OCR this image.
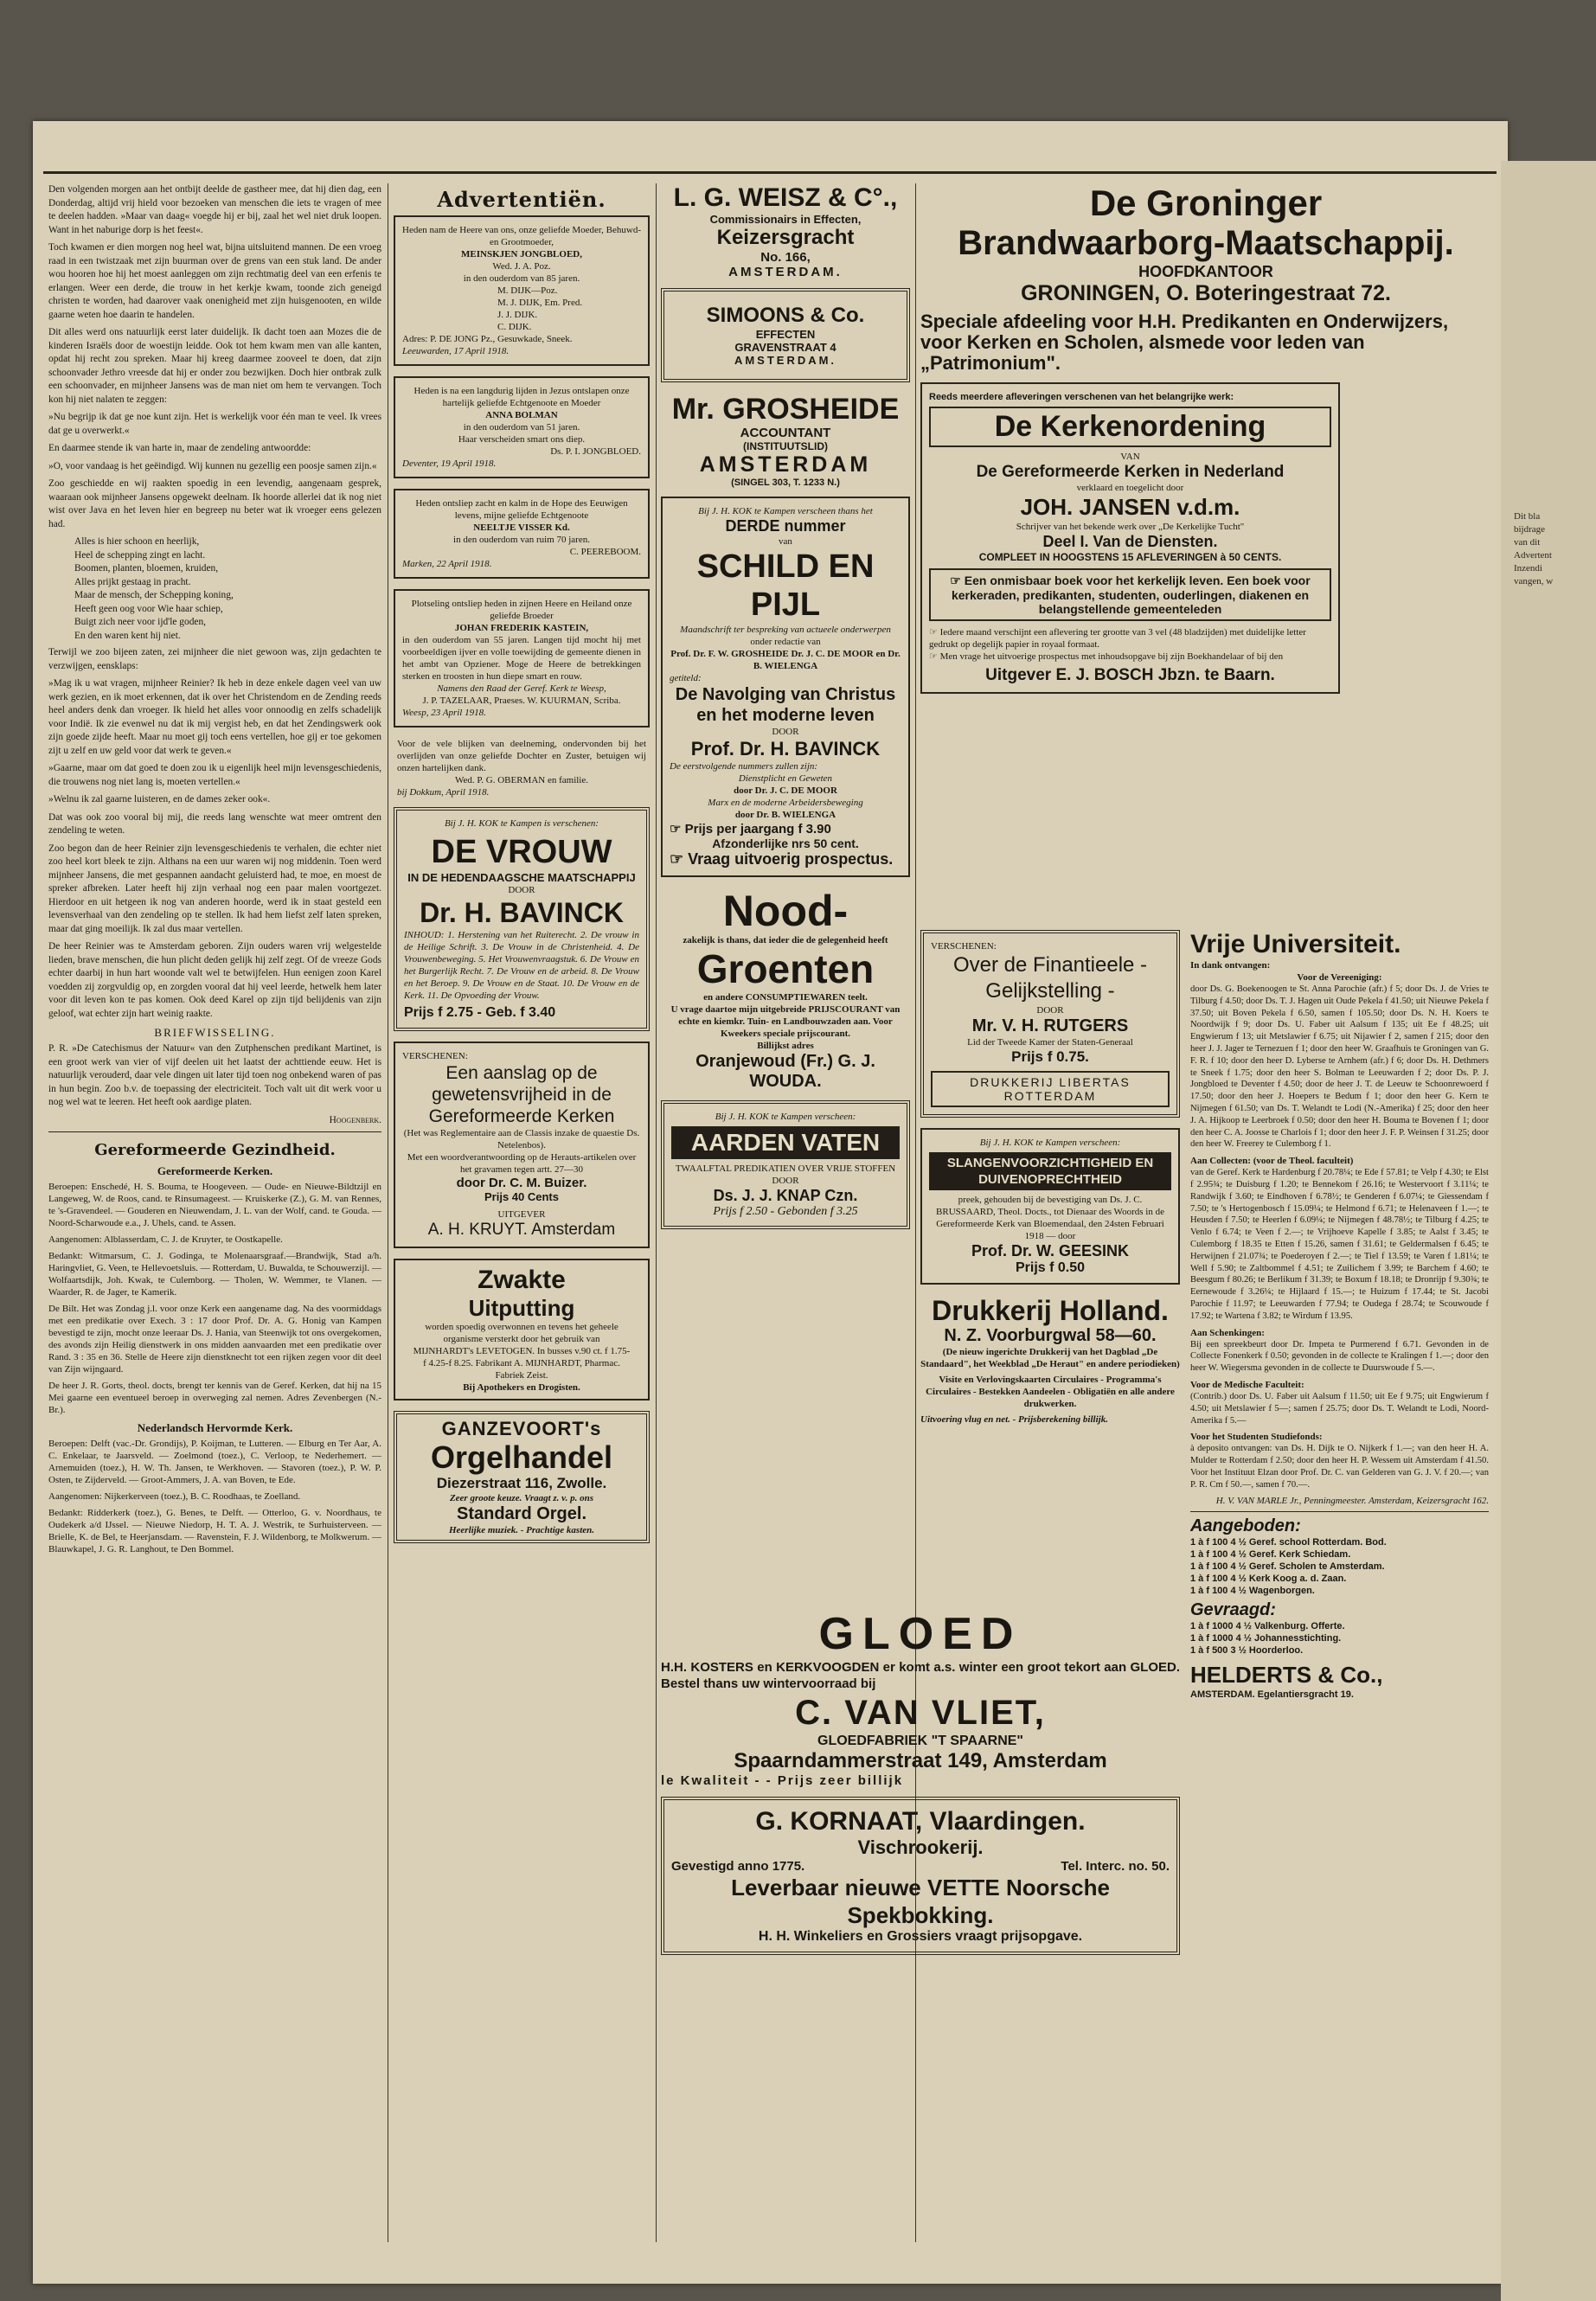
Den volgenden morgen aan het ontbijt deelde de gastheer mee, dat hij dien dag, een Donderdag, altijd vrij hield voor bezoeken van menschen die iets te vragen of mee te deelen hadden. »Maar van daag« voegde hij er bij, zaal het wel niet druk loopen. Want in het naburige dorp is het feest«.

Toch kwamen er dien morgen nog heel wat, bijna uitsluitend mannen. De een vroeg raad in een twistzaak met zijn buurman over de grens van een stuk land. De ander wou hooren hoe hij het moest aanleggen om zijn rechtmatig deel van een erfenis te erlangen. Weer een derde, die trouw in het kerkje kwam, toonde zich geneigd christen te worden, had daarover vaak onenigheid met zijn huisgenooten, en wilde gaarne weten hoe daarin te handelen.

Dit alles werd ons natuurlijk eerst later duidelijk. Ik dacht toen aan Mozes die de kinderen Israëls door de woestijn leidde. Ook tot hem kwam men van alle kanten, opdat hij recht zou spreken. Maar hij kreeg daarmee zooveel te doen, dat zijn schoonvader Jethro vreesde dat hij er onder zou bezwijken. Doch hier ontbrak zulk een schoonvader, en mijnheer Jansens was de man niet om hem te vervangen. Toch kon hij niet nalaten te zeggen:

»Nu begrijp ik dat ge noe kunt zijn. Het is werkelijk voor één man te veel. Ik vrees dat ge u overwerkt.«

En daarmee stende ik van harte in, maar de zendeling antwoordde:

»O, voor vandaag is het geëindigd. Wij kunnen nu gezellig een poosje samen zijn.«

Zoo geschiedde en wij raakten spoedig in een levendig, aangenaam gesprek, waaraan ook mijnheer Jansens opgewekt deelnam. Ik hoorde allerlei dat ik nog niet wist over Java en het leven hier en begreep nu beter wat ik vroeger eens gelezen had.

Alles is hier schoon en heerlijk,
Heel de schepping zingt en lacht.
Boomen, planten, bloemen, kruiden,
Alles prijkt gestaag in pracht.
Maar de mensch, der Schepping koning,
Heeft geen oog voor Wie haar schiep,
Buigt zich neer voor ijd'le goden,
En den waren kent hij niet.

Terwijl we zoo bijeen zaten, zei mijnheer die niet gewoon was, zijn gedachten te verzwijgen, eensklaps:

»Mag ik u wat vragen, mijnheer Reinier? Ik heb in deze enkele dagen veel van uw werk gezien, en ik moet erkennen, dat ik over het Christendom en de Zending reeds heel anders denk dan vroeger. Ik hield het alles voor onnoodig en zelfs schadelijk voor Indië. Ik zie evenwel nu dat ik mij vergist heb, en dat het Zendingswerk ook zijn goede zijde heeft. Maar nu moet gij toch eens vertellen, hoe gij er toe gekomen zijt u zelf en uw geld voor dat werk te geven.«

»Gaarne, maar om dat goed te doen zou ik u eigenlijk heel mijn levensgeschiedenis, die trouwens nog niet lang is, moeten vertellen.«

»Welnu ik zal gaarne luisteren, en de dames zeker ook«.

Dat was ook zoo vooral bij mij, die reeds lang wenschte wat meer omtrent den zendeling te weten.

Zoo begon dan de heer Reinier zijn levensgeschiedenis te verhalen, die echter niet zoo heel kort bleek te zijn. Althans na een uur waren wij nog middenin. Toen werd mijnheer Jansens, die met gespannen aandacht geluisterd had, te moe, en moest de spreker afbreken. Later heeft hij zijn verhaal nog een paar malen voortgezet. Hierdoor en uit hetgeen ik nog van anderen hoorde, werd ik in staat gesteld een levensverhaal van den zendeling op te stellen. Ik had hem liefst zelf laten spreken, maar dat ging moeilijk. Ik zal dus maar vertellen.

De heer Reinier was te Amsterdam geboren. Zijn ouders waren vrij welgestelde lieden, brave menschen, die hun plicht deden gelijk hij zelf zegt. Of de vreeze Gods echter daarbij in hun hart woonde valt wel te betwijfelen. Hun eenigen zoon Karel voedden zij zorgvuldig op, en zorgden vooral dat hij veel leerde, hetwelk hem later voor dit leven kon te pas komen. Ook deed Karel op zijn tijd belijdenis van zijn geloof, wat echter zijn hart weinig raakte.

BRIEFWISSELING.

P. R. »De Catechismus der Natuur« van den Zutphenschen predikant Martinet, is een groot werk van vier of vijf deelen uit het laatst der achttiende eeuw. Het is natuurlijk verouderd, daar vele dingen uit later tijd toen nog onbekend waren of pas in hun begin. Zoo b.v. de toepassing der electriciteit. Toch valt uit dit werk voor u nog wel wat te leeren. Het heeft ook aardige platen.

Hoogenberk.
Gereformeerde Gezindheid.
Gereformeerde Kerken.

Beroepen: Enschedé, H. S. Bouma, te Hoogeveen. — Oude- en Nieuwe-Bildtzijl en Langeweg, W. de Roos, cand. te Rinsumageest. — Kruiskerke (Z.), G. M. van Rennes, te 's-Gravendeel. — Gouderen en Nieuwendam, J. L. van der Wolf, cand. te Gouda. — Noord-Scharwoude e.a., J. Uhels, cand. te Assen.

Aangenomen: Alblasserdam, C. J. de Kruyter, te Oostkapelle.

Bedankt: Witmarsum, C. J. Godinga, te Molenaarsgraaf.—Brandwijk, Stad a/h. Haringvliet, G. Veen, te Hellevoetsluis. — Rotterdam, U. Buwalda, te Schouwerzijl. — Wolfaartsdijk, Joh. Kwak, te Culemborg. — Tholen, W. Wemmer, te Vlanen. — Waarder, R. de Jager, te Kamerik.

De Bilt. Het was Zondag j.l. voor onze Kerk een aangename dag. Na des voormiddags met een predikatie over Exech. 3 : 17 door Prof. Dr. A. G. Honig van Kampen bevestigd te zijn, mocht onze leeraar Ds. J. Hania, van Steenwijk tot ons overgekomen, des avonds zijn Heilig dienstwerk in ons midden aanvaarden met een predikatie over Rand. 3 : 35 en 36. Stelle de Heere zijn dienstknecht tot een rijken zegen voor dit deel van Zijn wijngaard.

De heer J. R. Gorts, theol. docts, brengt ter kennis van de Geref. Kerken, dat hij na 15 Mei gaarne een eventueel beroep in overweging zal nemen. Adres Zevenbergen (N.-Br.).

Nederlandsch Hervormde Kerk.

Beroepen: Delft (vac.-Dr. Grondijs), P. Koijman, te Lutteren. — Elburg en Ter Aar, A. C. Enkelaar, te Jaarsveld. — Zoelmond (toez.), C. Verloop, te Nederhemert. — Arnemuiden (toez.), H. W. Th. Jansen, te Werkhoven. — Stavoren (toez.), P. W. P. Osten, te Zijderveld. — Groot-Ammers, J. A. van Boven, te Ede.

Aangenomen: Nijkerkerveen (toez.), B. C. Roodhaas, te Zoelland.

Bedankt: Ridderkerk (toez.), G. Benes, te Delft. — Otterloo, G. v. Noordhaus, te Oudekerk a/d IJssel. — Nieuwe Niedorp, H. T. A. J. Westrik, te Surhuisterveen. — Brielle, K. de Bel, te Heerjansdam. — Ravenstein, F. J. Wildenborg, te Molkwerum. — Blauwkapel, J. G. R. Langhout, te Den Bommel.

Advertentiën.
Heden nam de Heere van ons, onze geliefde Moeder, Behuwd- en Grootmoeder,
MEINSKJEN JONGBLOED,
Wed. J. A. Poz.
in den ouderdom van 85 jaren.
M. DIJK—Poz.
M. J. DIJK, Em. Pred.
J. J. DIJK.
C. DIJK.
Adres: P. DE JONG Pz., Gesuwkade, Sneek.
Leeuwarden, 17 April 1918.
Heden is na een langdurig lijden in Jezus ontslapen onze hartelijk geliefde Echtgenoote en Moeder
ANNA BOLMAN
in den ouderdom van 51 jaren.
Haar verscheiden smart ons diep.
Ds. P. I. JONGBLOED.
Deventer, 19 April 1918.
Heden ontsliep zacht en kalm in de Hope des Eeuwigen levens, mijne geliefde Echtgenoote
NEELTJE VISSER Kd.
in den ouderdom van ruim 70 jaren.
C. PEEREBOOM.
Marken, 22 April 1918.
Plotseling ontsliep heden in zijnen Heere en Heiland onze geliefde Broeder
JOHAN FREDERIK KASTEIN,
in den ouderdom van 55 jaren. Langen tijd mocht hij met voorbeeldigen ijver en volle toewijding de gemeente dienen in het ambt van Opziener. Moge de Heere de betrekkingen sterken en troosten in hun diepe smart en rouw.
Namens den Raad der Geref. Kerk te Weesp,
J. P. TAZELAAR, Praeses. W. KUURMAN, Scriba.
Weesp, 23 April 1918.
Voor de vele blijken van deelneming, ondervonden bij het overlijden van onze geliefde Dochter en Zuster, betuigen wij onzen hartelijken dank.
Wed. P. G. OBERMAN en familie.
bij Dokkum, April 1918.
Bij J. H. KOK te Kampen is verschenen:
DE VROUW
IN DE HEDENDAAGSCHE MAATSCHAPPIJ
DOOR
Dr. H. BAVINCK
INHOUD: 1. Herstening van het Ruiterecht. 2. De vrouw in de Heilige Schrift. 3. De Vrouw in de Christenheid. 4. De Vrouwenbeweging. 5. Het Vrouwenvraagstuk. 6. De Vrouw en het Burgerlijk Recht. 7. De Vrouw en de arbeid. 8. De Vrouw en het Beroep. 9. De Vrouw en de Staat. 10. De Vrouw en de Kerk. 11. De Opvoeding der Vrouw.
Prijs f 2.75 - Geb. f 3.40
VERSCHENEN:
Een aanslag op de gewetensvrijheid in de Gereformeerde Kerken
(Het was Reglementaire aan de Classis inzake de quaestie Ds. Netelenbos).
Met een woordverantwoording op de Herauts-artikelen over het gravamen tegen artt. 27—30
door Dr. C. M. Buizer.
Prijs 40 Cents
UITGEVER
A. H. KRUYT. Amsterdam
Zwakte
Uitputting
worden spoedig overwonnen en tevens het geheele organisme versterkt door het gebruik van MIJNHARDT's LEVETOGEN. In busses v.90 ct. f 1.75-f 4.25-f 8.25. Fabrikant A. MIJNHARDT, Pharmac. Fabriek Zeist.
Bij Apothekers en Drogisten.
GANZEVOORT's
Orgelhandel
Diezerstraat 116, Zwolle.
Zeer groote keuze. Vraagt z. v. p. ons
Standard Orgel.
Heerlijke muziek. - Prachtige kasten.
L. G. WEISZ & C°.,
Commissionairs in Effecten,
Keizersgracht
No. 166,
AMSTERDAM.
SIMOONS & Co.
EFFECTEN
GRAVENSTRAAT 4
AMSTERDAM.
Mr. GROSHEIDE
ACCOUNTANT
(INSTITUUTSLID)
AMSTERDAM
(SINGEL 303, T. 1233 N.)
Bij J. H. KOK te Kampen verscheen thans het
DERDE nummer
van
SCHILD EN PIJL
Maandschrift ter bespreking van actueele onderwerpen
onder redactie van
Prof. Dr. F. W. GROSHEIDE Dr. J. C. DE MOOR en Dr. B. WIELENGA
getiteld:
De Navolging van Christus en het moderne leven
DOOR
Prof. Dr. H. BAVINCK
De eerstvolgende nummers zullen zijn:
Dienstplicht en Geweten
door Dr. J. C. DE MOOR
Marx en de moderne Arbeidersbeweging
door Dr. B. WIELENGA
☞ Prijs per jaargang f 3.90
Afzonderlijke nrs 50 cent.
☞ Vraag uitvoerig prospectus.
Nood-
zakelijk is thans, dat ieder die de gelegenheid heeft
Groenten
en andere CONSUMPTIEWAREN teelt.
U vrage daartoe mijn uitgebreide PRIJSCOURANT van echte en kiemkr. Tuin- en Landbouwzaden aan. Voor Kweekers speciale prijscourant.
Billijkst adres
Oranjewoud (Fr.) G. J. WOUDA.
Bij J. H. KOK te Kampen verscheen:
AARDEN VATEN
TWAALFTAL PREDIKATIEN OVER VRIJE STOFFEN DOOR
Ds. J. J. KNAP Czn.
Prijs f 2.50 - Gebonden f 3.25
De Groninger
Brandwaarborg-Maatschappij.
HOOFDKANTOOR
GRONINGEN, O. Boteringestraat 72.
Speciale afdeeling voor H.H. Predikanten en Onderwijzers, voor Kerken en Scholen, alsmede voor leden van „Patrimonium".
Reeds meerdere afleveringen verschenen van het belangrijke werk:
De Kerkenordening
VAN
De Gereformeerde Kerken in Nederland
verklaard en toegelicht door
JOH. JANSEN v.d.m.
Schrijver van het bekende werk over „De Kerkelijke Tucht"
Deel I. Van de Diensten.
COMPLEET IN HOOGSTENS 15 AFLEVERINGEN à 50 CENTS.
☞ Een onmisbaar boek voor het kerkelijk leven. Een boek voor kerkeraden, predikanten, studenten, ouderlingen, diakenen en belangstellende gemeenteleden
☞ Iedere maand verschijnt een aflevering ter grootte van 3 vel (48 bladzijden) met duidelijke letter gedrukt op degelijk papier in royaal formaat.
☞ Men vrage het uitvoerige prospectus met inhoudsopgave bij zijn Boekhandelaar of bij den
Uitgever E. J. BOSCH Jbzn. te Baarn.
VERSCHENEN:
Over de Finantieele - Gelijkstelling -
DOOR
Mr. V. H. RUTGERS
Lid der Tweede Kamer der Staten-Generaal
Prijs f 0.75.
DRUKKERIJ LIBERTAS ROTTERDAM
Bij J. H. KOK te Kampen verscheen:
SLANGENVOORZICHTIGHEID EN DUIVENOPRECHTHEID
preek, gehouden bij de bevestiging van Ds. J. C. BRUSSAARD, Theol. Docts., tot Dienaar des Woords in de Gereformeerde Kerk van Bloemendaal, den 24sten Februari 1918 — door
Prof. Dr. W. GEESINK
Prijs f 0.50
Drukkerij Holland.
N. Z. Voorburgwal 58—60.
(De nieuw ingerichte Drukkerij van het Dagblad „De Standaard", het Weekblad „De Heraut" en andere periodieken)
Visite en Verlovingskaarten Circulaires - Programma's Circulaires - Bestekken Aandeelen - Obligatiën en alle andere drukwerken.
Uitvoering vlug en net. - Prijsberekening billijk.
Vrije Universiteit.
In dank ontvangen:
Voor de Vereeniging:

door Ds. G. Boekenoogen te St. Anna Parochie (afr.) f 5; door Ds. J. de Vries te Tilburg f 4.50; door Ds. T. J. Hagen uit Oude Pekela f 41.50; uit Nieuwe Pekela f 37.50; uit Boven Pekela f 6.50, samen f 105.50; door Ds. N. H. Koers te Noordwijk f 9; door Ds. U. Faber uit Aalsum f 135; uit Ee f 48.25; uit Engwierum f 13; uit Metslawier f 6.75; uit Nijawier f 2, samen f 215; door den heer J. J. Jager te Ternezuen f 1; door den heer W. Graafhuis te Groningen van G. F. R. f 10; door den heer D. Lyberse te Arnhem (afr.) f 6; door Ds. H. Dethmers te Sneek f 1.75; door den heer S. Bolman te Leeuwarden f 2; door Ds. P. J. Jongbloed te Deventer f 4.50; door de heer J. T. de Leeuw te Schoonrewoerd f 17.50; door den heer J. Hoepers te Bedum f 1; door den heer G. Kern te Nijmegen f 61.50; van Ds. T. Welandt te Lodi (N.-Amerika) f 25; door den heer J. A. Hijkoop te Leerbroek f 0.50; door den heer H. Bouma te Bovenen f 1; door den heer C. A. Joosse te Charlois f 1; door den heer J. F. P. Weinsen f 31.25; door den heer W. Freerey te Culemborg f 1.

Aan Collecten: (voor de Theol. faculteit)

van de Geref. Kerk te Hardenburg f 20.78¼; te Ede f 57.81; te Velp f 4.30; te Elst f 2.95¾; te Duisburg f 1.20; te Bennekom f 26.16; te Westervoort f 3.11¼; te Randwijk f 3.60; te Eindhoven f 6.78½; te Genderen f 6.07¼; te Giessendam f 7.50; te 's Hertogenbosch f 15.09¼; te Helmond f 6.71; te Helenaveen f 1.—; te Heusden f 7.50; te Heerlen f 6.09¼; te Nijmegen f 48.78½; te Tilburg f 4.25; te Venlo f 6.74; te Veen f 2.—; te Vrijhoeve Kapelle f 3.85; te Aalst f 3.45; te Culemborg f 18.35 te Etten f 15.26, samen f 31.61; te Geldermalsen f 6.45; te Herwijnen f 21.07¾; te Poederoyen f 2.—; te Tiel f 13.59; te Varen f 1.81¼; te Well f 5.90; te Zaltbommel f 4.51; te Zuilichem f 3.99; te Barchem f 4.60; te Beesgum f 80.26; te Berlikum f 31.39; te Boxum f 18.18; te Dronrijp f 9.30¾; te Eernewoude f 3.26¼; te Hijlaard f 15.—; te Huizum f 17.44; te St. Jacobi Parochie f 11.97; te Leeuwarden f 77.94; te Oudega f 28.74; te Scouwoude f 17.92; te Wartena f 3.82; te Wirdum f 13.95.

Aan Schenkingen:

Bij een spreekbeurt door Dr. Impeta te Purmerend f 6.71. Gevonden in de Collecte Fonenkerk f 0.50; gevonden in de collecte te Kralingen f 1.—; door den heer W. Wiegersma gevonden in de collecte te Duurswoude f 5.—.

Voor de Medische Faculteit:

(Contrib.) door Ds. U. Faber uit Aalsum f 11.50; uit Ee f 9.75; uit Engwierum f 4.50; uit Metslawier f 5—; samen f 25.75; door Ds. T. Welandt te Lodi, Noord-Amerika f 5.—

Voor het Studenten Studiefonds:

à deposito ontvangen: van Ds. H. Dijk te O. Nijkerk f 1.—; van den heer H. A. Mulder te Rotterdam f 2.50; door den heer H. P. Wessem uit Amsterdam f 41.50. Voor het Instituut Elzan door Prof. Dr. C. van Gelderen van G. J. V. f 20.—; van P. R. Cm f 50.—, samen f 70.—.

H. V. VAN MARLE Jr., Penningmeester. Amsterdam, Keizersgracht 162.
Aangeboden:
1 à f 100 4 ½ Geref. school Rotterdam. Bod.
1 à f 100 4 ½ Geref. Kerk Schiedam.
1 à f 100 4 ½ Geref. Scholen te Amsterdam.
1 à f 100 4 ½ Kerk Koog a. d. Zaan.
1 à f 100 4 ½ Wagenborgen.
Gevraagd:
1 à f 1000 4 ½ Valkenburg. Offerte.
1 à f 1000 4 ½ Johannesstichting.
1 à f 500 3 ½ Hoorderloo.
HELDERTS & Co.,
AMSTERDAM. Egelantiersgracht 19.
GLOED
H.H. KOSTERS en KERKVOOGDEN er komt a.s. winter een groot tekort aan GLOED. Bestel thans uw wintervoorraad bij
C. VAN VLIET,
GLOEDFABRIEK "T SPAARNE"
Spaarndammerstraat 149, Amsterdam
le Kwaliteit - - Prijs zeer billijk
G. KORNAAT, Vlaardingen.
Vischrookerij.
Gevestigd anno 1775.	Tel. Interc. no. 50.
Leverbaar nieuwe VETTE Noorsche Spekbokking.
H. H. Winkeliers en Grossiers vraagt prijsopgave.
Dit bla
bijdrage
van dit
Advertent
Inzendi
vangen, w
